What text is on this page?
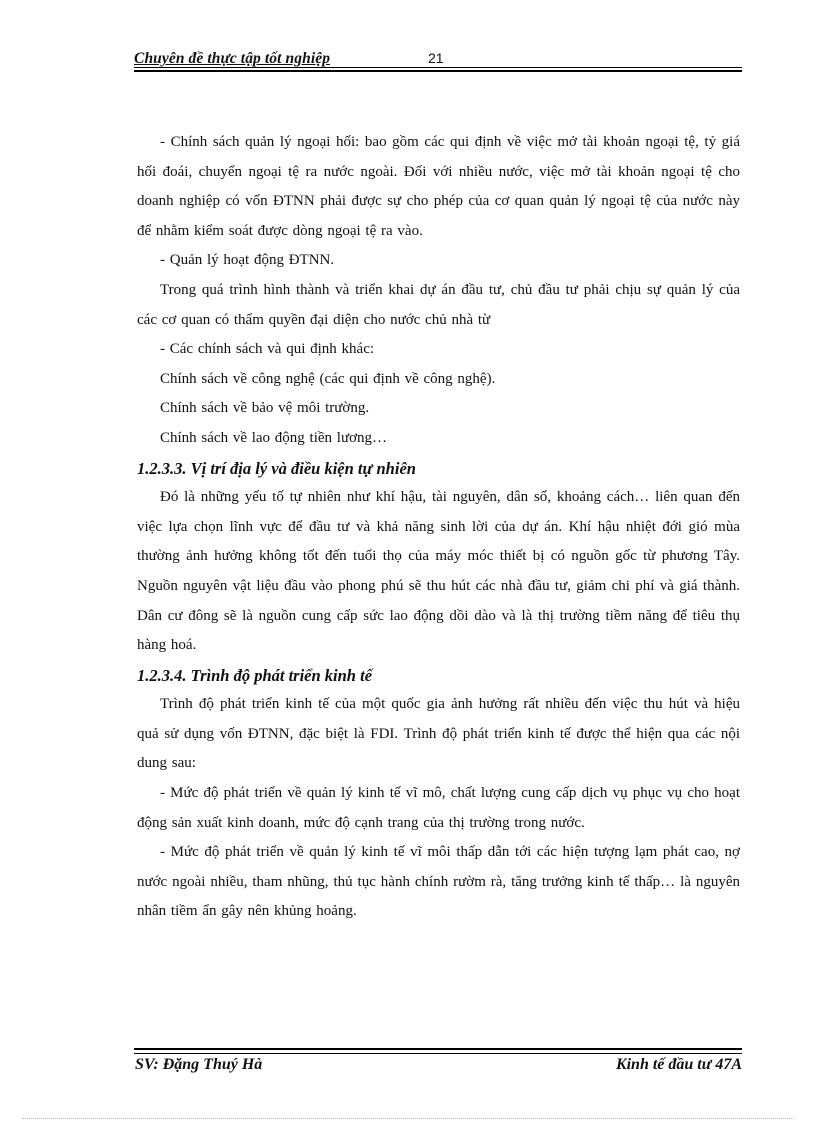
Chuyên đề thực tập tốt nghiệp	21

- Chính sách quản lý ngoại hối: bao gồm các qui định về việc mở tài khoản ngoại tệ, tỷ giá hối đoái, chuyển ngoại tệ ra nước ngoài. Đối với nhiều nước, việc mở tài khoản ngoại tệ cho doanh nghiệp có vốn ĐTNN phải được sự cho phép của cơ quan quản lý ngoại tệ của nước này để nhằm kiểm soát được dòng ngoại tệ ra vào.

- Quản lý hoạt động ĐTNN.

Trong quá trình hình thành và triển khai dự án đầu tư, chủ đầu tư phải chịu sự quản lý của các cơ quan có thẩm quyền đại diện cho nước chủ nhà từ

- Các chính sách và qui định khác:

Chính sách về công nghệ (các qui định về công nghệ).

Chính sách về bảo vệ môi trường.

Chính sách về lao động tiền lương…

1.2.3.3. Vị trí địa lý và điều kiện tự nhiên

Đó là những yếu tố tự nhiên như khí hậu, tài nguyên, dân số, khoảng cách… liên quan đến việc lựa chọn lĩnh vực để đầu tư và khả năng sinh lời của dự án. Khí hậu nhiệt đới gió mùa thường ảnh hưởng không tốt đến tuổi thọ của máy móc thiết bị có nguồn gốc từ phương Tây. Nguồn nguyên vật liệu đầu vào phong phú sẽ thu hút các nhà đầu tư, giảm chi phí và giá thành. Dân cư đông sẽ là nguồn cung cấp sức lao động dồi dào và là thị trường tiềm năng để tiêu thụ hàng hoá.

1.2.3.4. Trình độ phát triển kinh tế

Trình độ phát triển kinh tế của một quốc gia ảnh hưởng rất nhiều đến việc thu hút và hiệu quả sử dụng vốn ĐTNN, đặc biệt là FDI. Trình độ phát triển kinh tế được thể hiện qua các nội dung sau:

- Mức độ phát triển về quản lý kinh tế vĩ mô, chất lượng cung cấp dịch vụ phục vụ cho hoạt động sản xuất kinh doanh, mức độ cạnh trang của thị trường trong nước.

- Mức độ phát triển về quản lý kinh tế vĩ môi thấp dẫn tới các hiện tượng lạm phát cao, nợ nước ngoài nhiều, tham nhũng, thủ tục hành chính rườm rà, tăng trưởng kinh tế thấp… là nguyên nhân tiềm ẩn gây nên khủng hoảng.

SV: Đặng Thuý Hà	Kinh tế đầu tư 47A
